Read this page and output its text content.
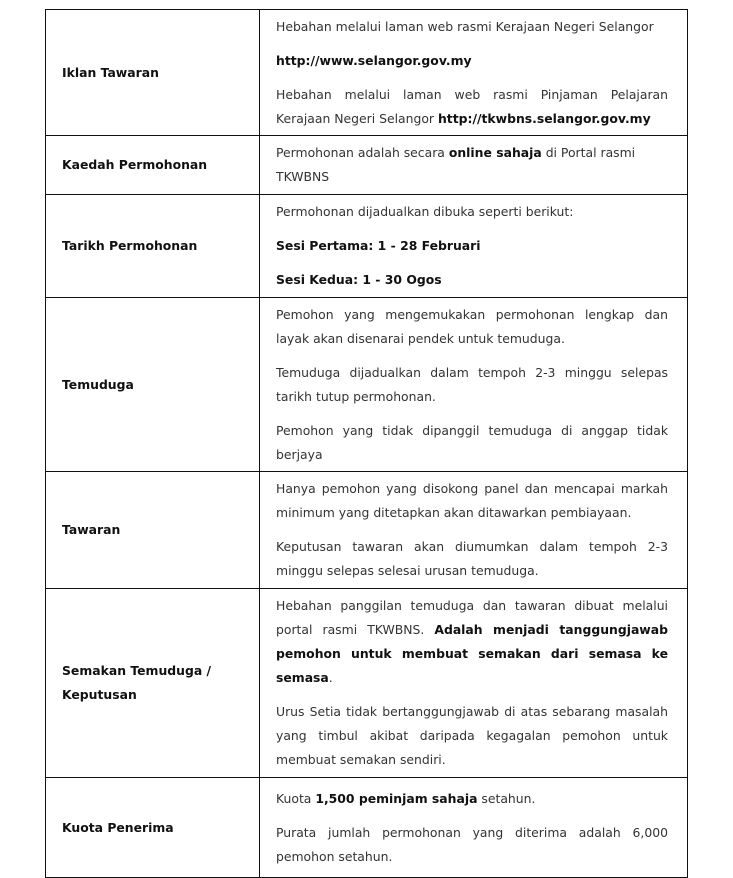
Iklan Tawaran	Hebahan melalui laman web rasmi Kerajaan Negeri Selangor

http://www.selangor.gov.my

Hebahan melalui laman web rasmi Pinjaman Pelajaran Kerajaan Negeri Selangor http://tkwbns.selangor.gov.my

Kaedah Permohonan	Permohonan adalah secara online sahaja di Portal rasmi TKWBNS

Tarikh Permohonan	Permohonan dijadualkan dibuka seperti berikut:

Sesi Pertama: 1 - 28 Februari

Sesi Kedua: 1 - 30 Ogos

Temuduga	Pemohon yang mengemukakan permohonan lengkap dan layak akan disenarai pendek untuk temuduga.

Temuduga dijadualkan dalam tempoh 2-3 minggu selepas tarikh tutup permohonan.

Pemohon yang tidak dipanggil temuduga di anggap tidak berjaya

Tawaran	Hanya pemohon yang disokong panel dan mencapai markah minimum yang ditetapkan akan ditawarkan pembiayaan.

Keputusan tawaran akan diumumkan dalam tempoh 2-3 minggu selepas selesai urusan temuduga.

Semakan Temuduga / Keputusan	Hebahan panggilan temuduga dan tawaran dibuat melalui portal rasmi TKWBNS. Adalah menjadi tanggungjawab pemohon untuk membuat semakan dari semasa ke semasa.

Urus Setia tidak bertanggungjawab di atas sebarang masalah yang timbul akibat daripada kegagalan pemohon untuk membuat semakan sendiri.

Kuota Penerima	Kuota 1,500 peminjam sahaja setahun.

Purata jumlah permohonan yang diterima adalah 6,000 pemohon setahun.
